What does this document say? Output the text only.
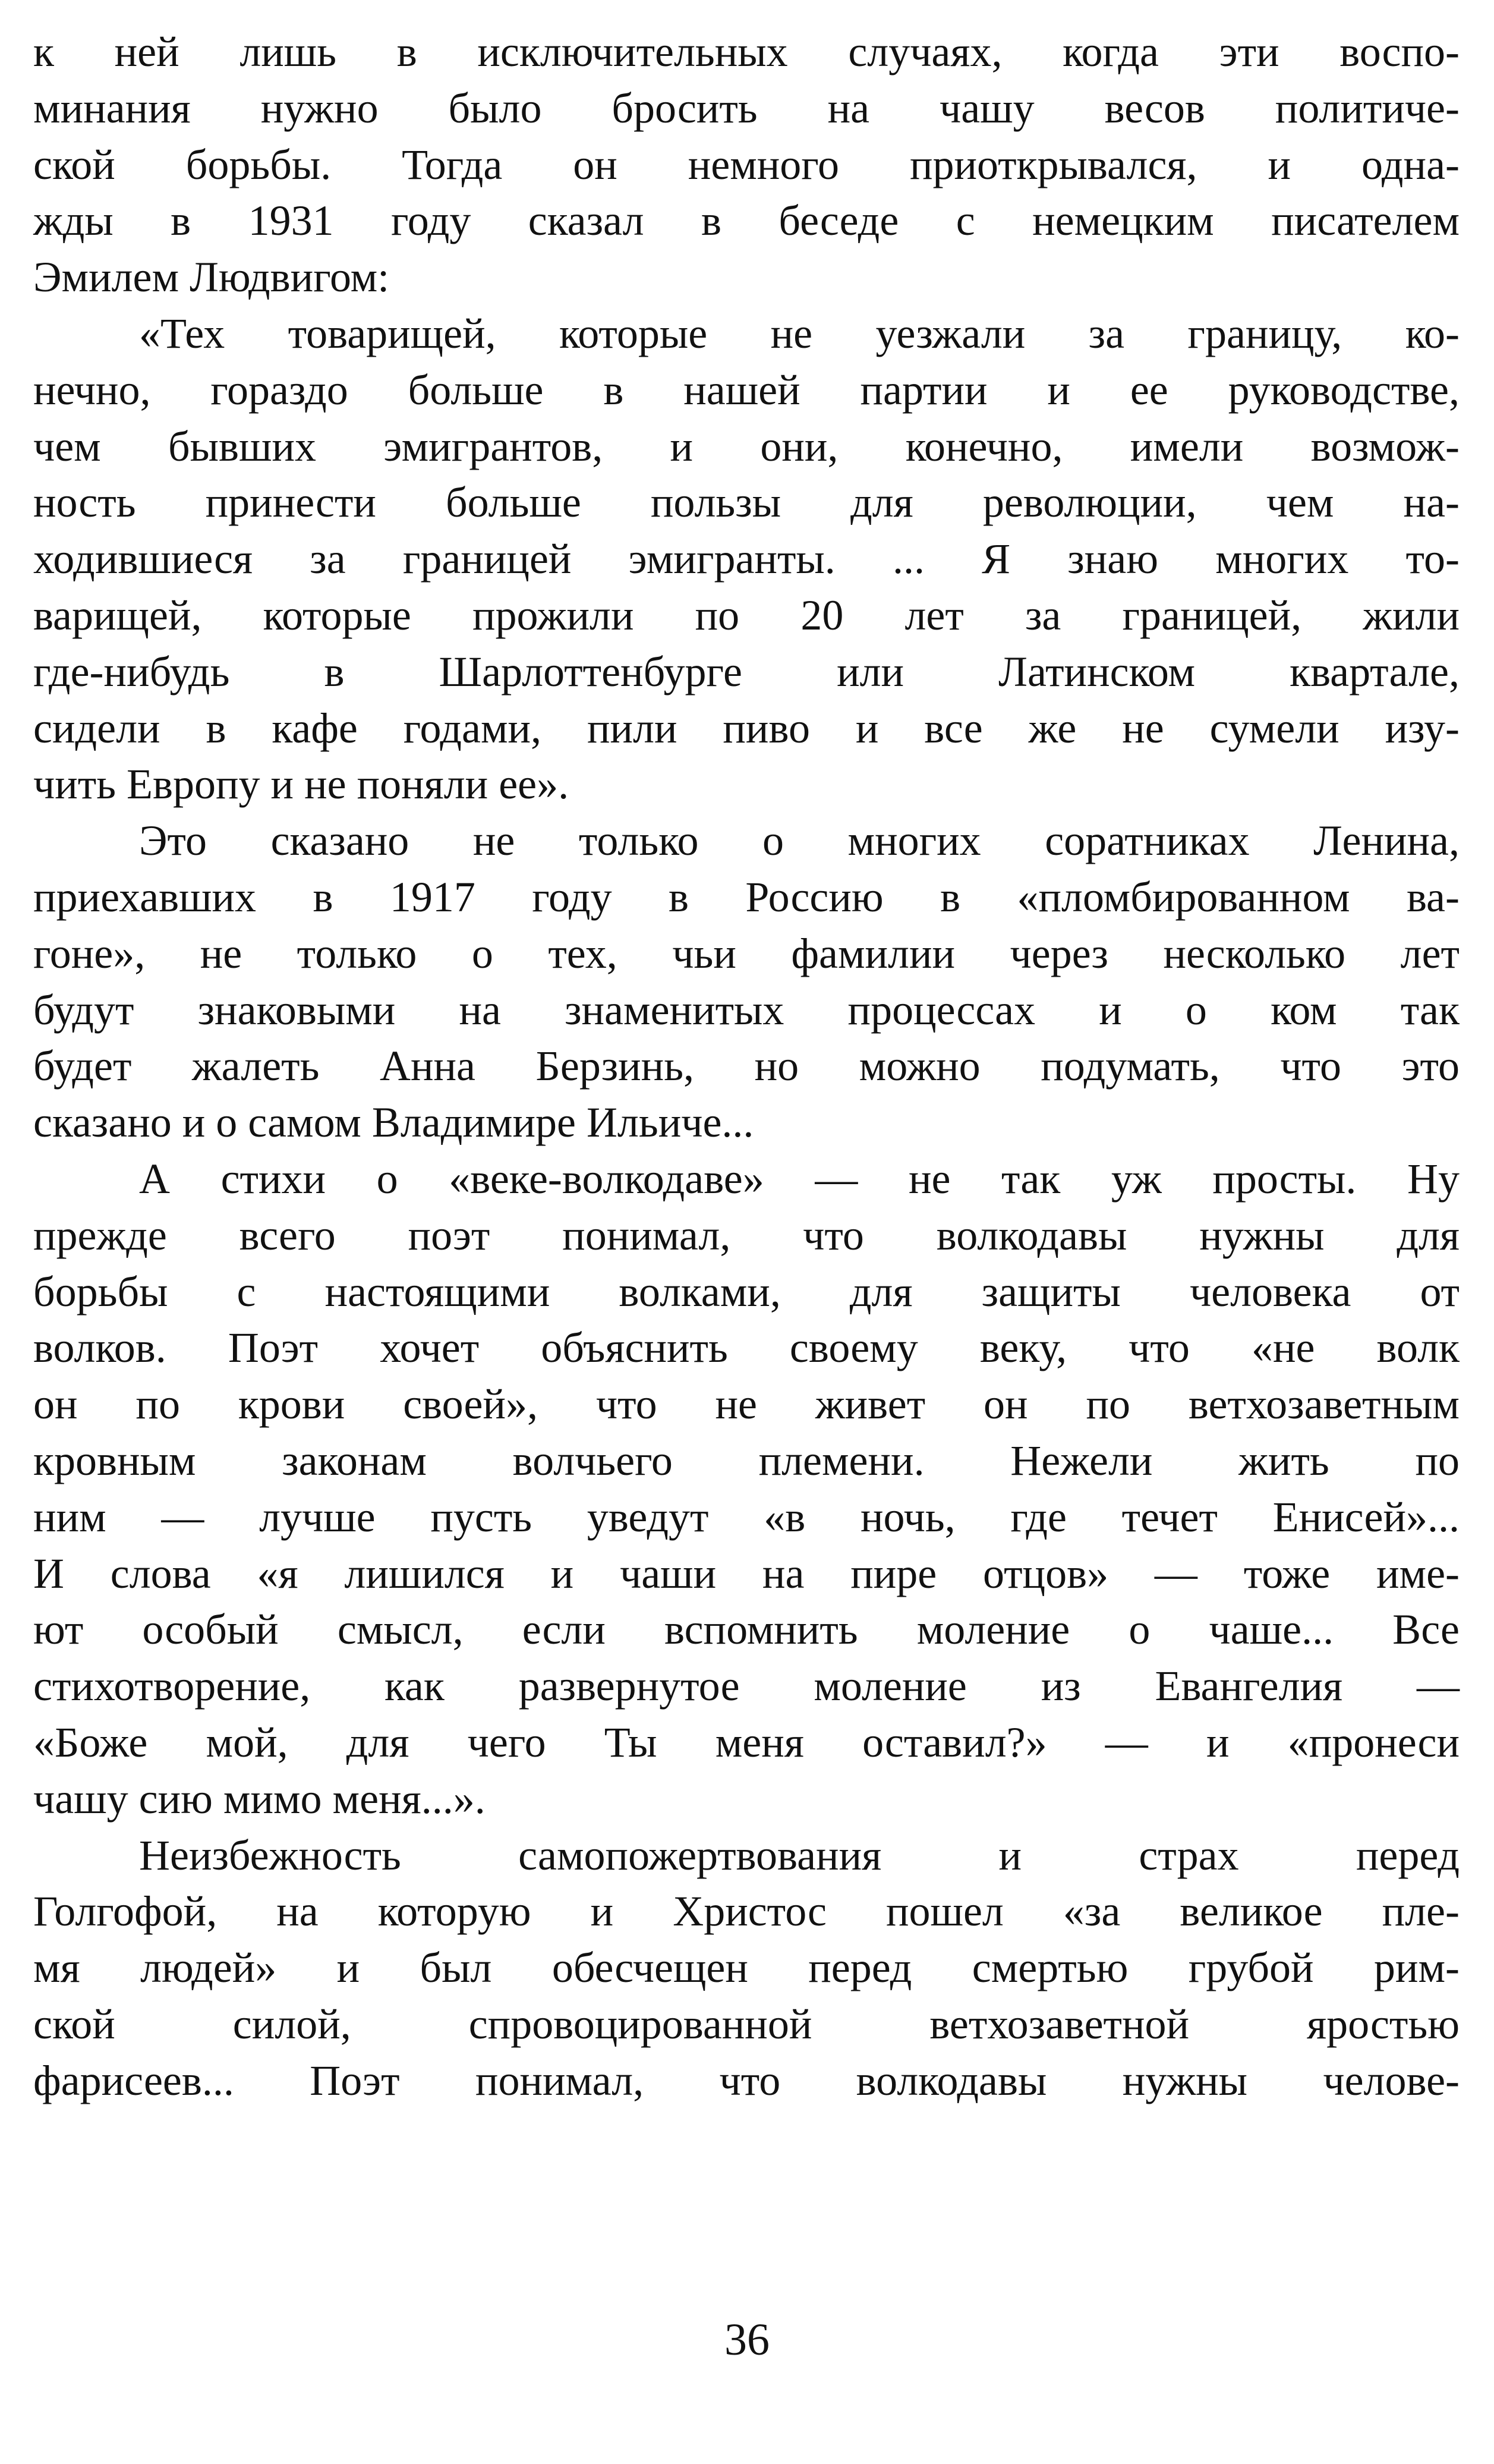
к ней лишь в исключительных случаях, когда эти воспо-
минания нужно было бросить на чашу весов политиче-
ской борьбы. Тогда он немного приоткрывался, и одна-
жды в 1931 году сказал в беседе с немецким писателем
Эмилем Людвигом:
«Тех товарищей, которые не уезжали за границу, ко-
нечно, гораздо больше в нашей партии и ее руководстве,
чем бывших эмигрантов, и они, конечно, имели возмож-
ность принести больше пользы для революции, чем на-
ходившиеся за границей эмигранты. ... Я знаю многих то-
варищей, которые прожили по 20 лет за границей, жили
где-нибудь в Шарлоттенбурге или Латинском квартале,
сидели в кафе годами, пили пиво и все же не сумели изу-
чить Европу и не поняли ее».
Это сказано не только о многих соратниках Ленина,
приехавших в 1917 году в Россию в «пломбированном ва-
гоне», не только о тех, чьи фамилии через несколько лет
будут знаковыми на знаменитых процессах и о ком так
будет жалеть Анна Берзинь, но можно подумать, что это
сказано и о самом Владимире Ильиче...
А стихи о «веке-волкодаве» — не так уж просты. Ну
прежде всего поэт понимал, что волкодавы нужны для
борьбы с настоящими волками, для защиты человека от
волков. Поэт хочет объяснить своему веку, что «не волк
он по крови своей», что не живет он по ветхозаветным
кровным законам волчьего племени. Нежели жить по
ним — лучше пусть уведут «в ночь, где течет Енисей»...
И слова «я лишился и чаши на пире отцов» — тоже име-
ют особый смысл, если вспомнить моление о чаше... Все
стихотворение, как развернутое моление из Евангелия —
«Боже мой, для чего Ты меня оставил?» — и «пронеси
чашу сию мимо меня...».
Неизбежность самопожертвования и страх перед
Голгофой, на которую и Христос пошел «за великое пле-
мя людей» и был обесчещен перед смертью грубой рим-
ской силой, спровоцированной ветхозаветной яростью
фарисеев... Поэт понимал, что волкодавы нужны челове-
36
